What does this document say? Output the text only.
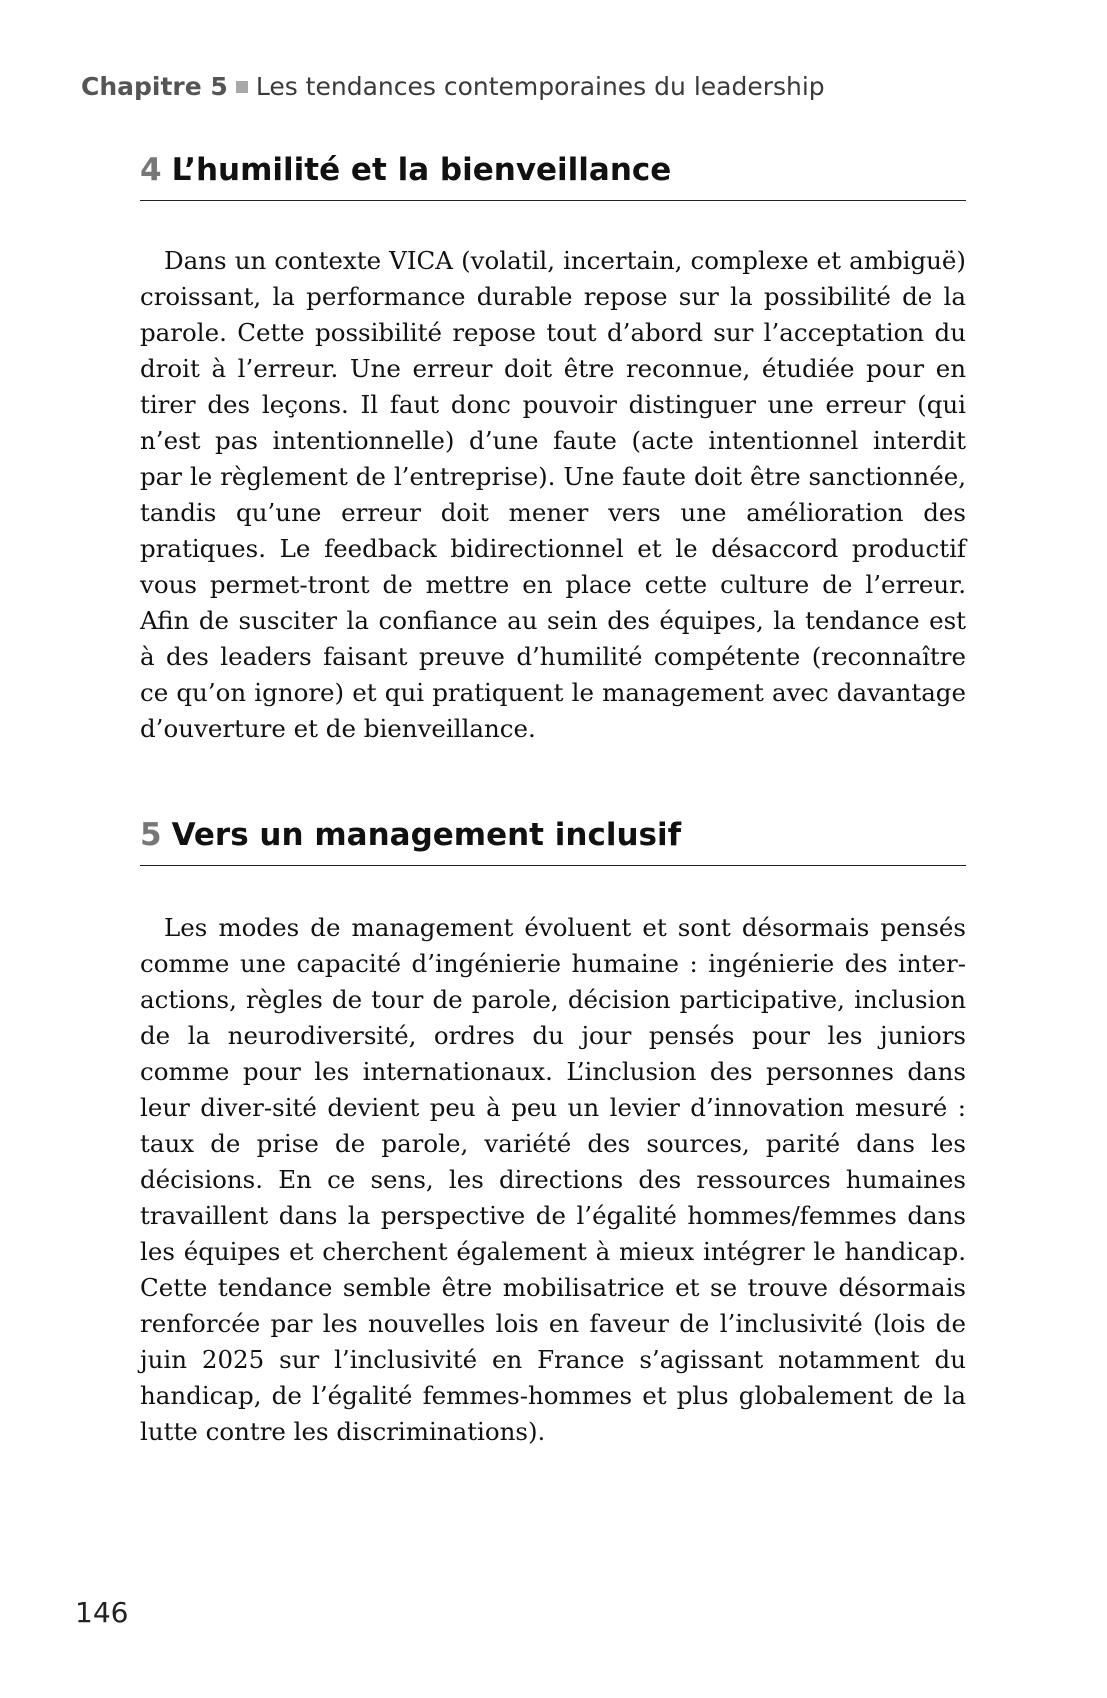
Chapitre 5 Les tendances contemporaines du leadership
4 L’humilité et la bienveillance

Dans un contexte VICA (volatil, incertain, complexe et ambiguë) croissant, la performance durable repose sur la possibilité de la parole. Cette possibilité repose tout d’abord sur l’acceptation du droit à l’erreur. Une erreur doit être reconnue, étudiée pour en tirer des leçons. Il faut donc pouvoir distinguer une erreur (qui n’est pas intentionnelle) d’une faute (acte intentionnel interdit par le règlement de l’entreprise). Une faute doit être sanctionnée, tandis qu’une erreur doit mener vers une amélioration des pratiques. Le feedback bidirectionnel et le désaccord productif vous permet-tront de mettre en place cette culture de l’erreur. Afin de susciter la confiance au sein des équipes, la tendance est à des leaders faisant preuve d’humilité compétente (reconnaître ce qu’on ignore) et qui pratiquent le management avec davantage d’ouverture et de bienveillance.

5 Vers un management inclusif

Les modes de management évoluent et sont désormais pensés comme une capacité d’ingénierie humaine : ingénierie des inter-actions, règles de tour de parole, décision participative, inclusion de la neurodiversité, ordres du jour pensés pour les juniors comme pour les internationaux. L’inclusion des personnes dans leur diver-sité devient peu à peu un levier d’innovation mesuré : taux de prise de parole, variété des sources, parité dans les décisions. En ce sens, les directions des ressources humaines travaillent dans la perspective de l’égalité hommes/femmes dans les équipes et cherchent également à mieux intégrer le handicap. Cette tendance semble être mobilisatrice et se trouve désormais renforcée par les nouvelles lois en faveur de l’inclusivité (lois de juin 2025 sur l’inclusivité en France s’agissant notamment du handicap, de l’égalité femmes-hommes et plus globalement de la lutte contre les discriminations).

146
